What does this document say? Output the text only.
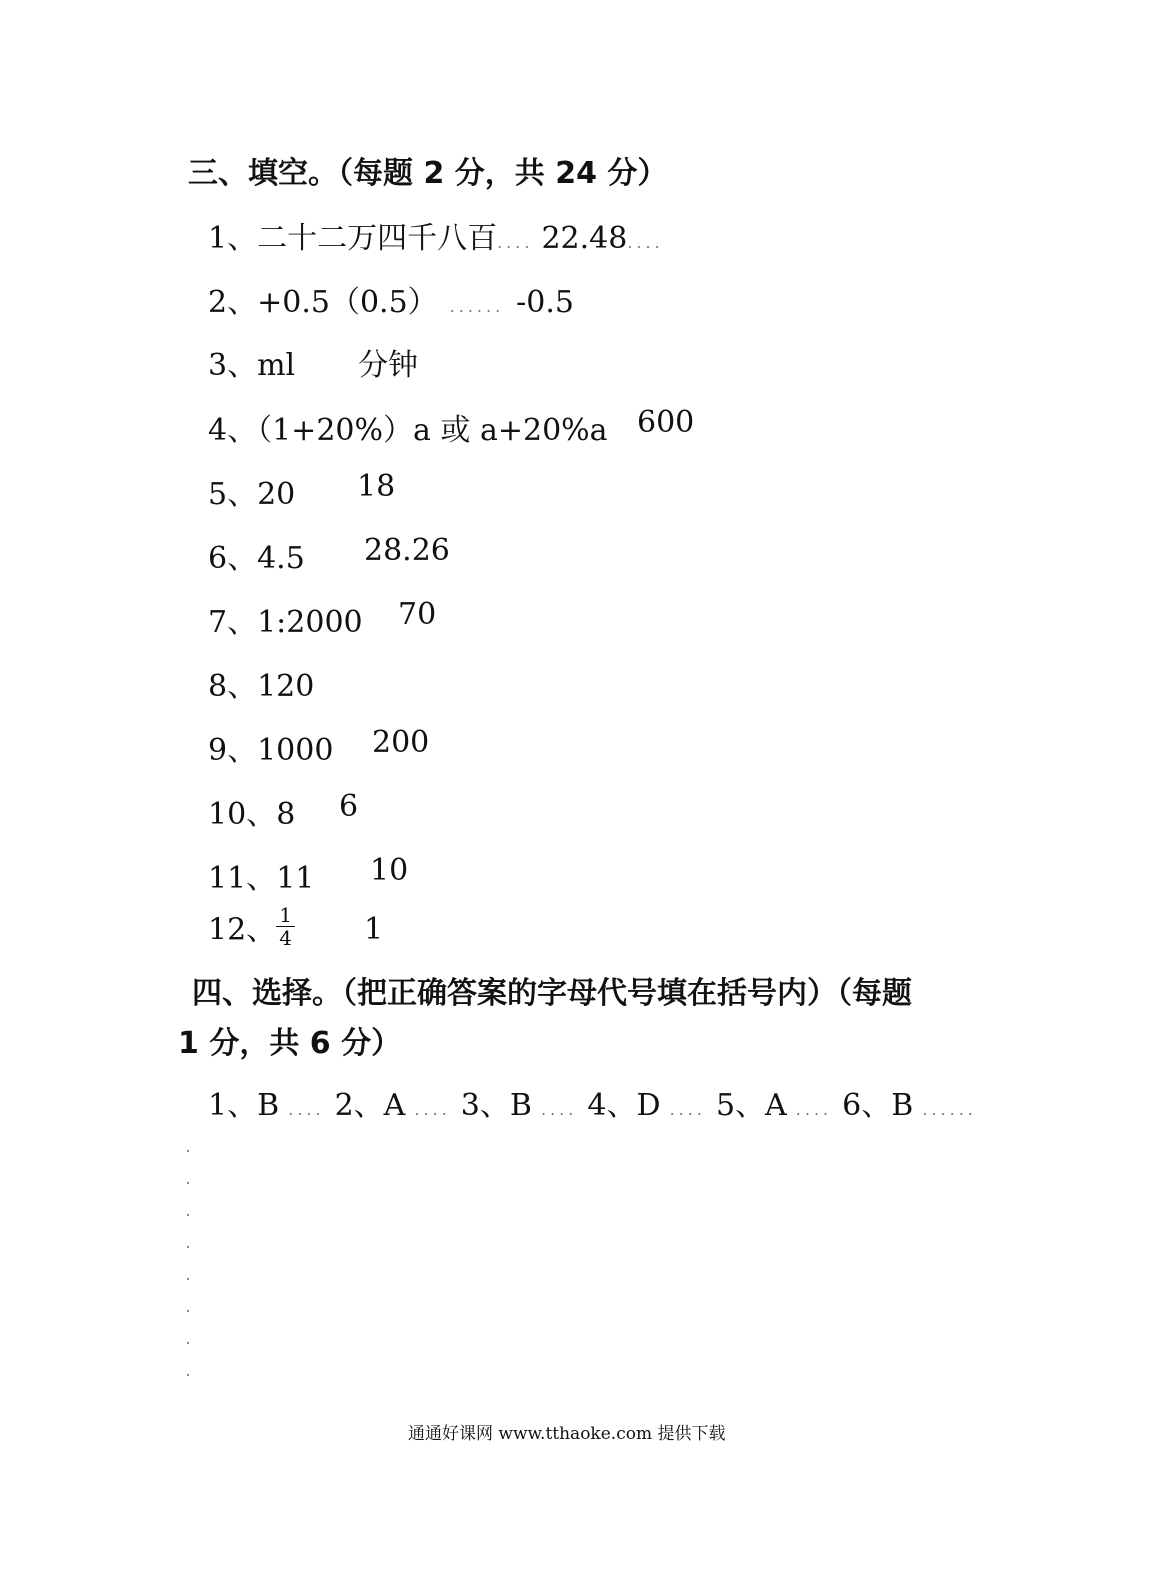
三、填空。（每题 2 分，共 24 分）
1、二十二万四千八百.... 22.48....
2、+0.5（0.5） ...... -0.5
3、ml 分钟
4、（1+20%）a 或 a+20%a 600
5、20 18
6、4.5 28.26
7、1:2000 70
8、120
9、1000 200
10、8 6
11、11 10
12、 $\frac{1}{4} 1$
四、选择。（把正确答案的字母代号填在括号内）（每题
1 分，共 6 分）
1、B .... 2、A .... 3、B .... 4、D .... 5、A .... 6、B ......
通通好课网 www.tthaoke.com 提供下载
